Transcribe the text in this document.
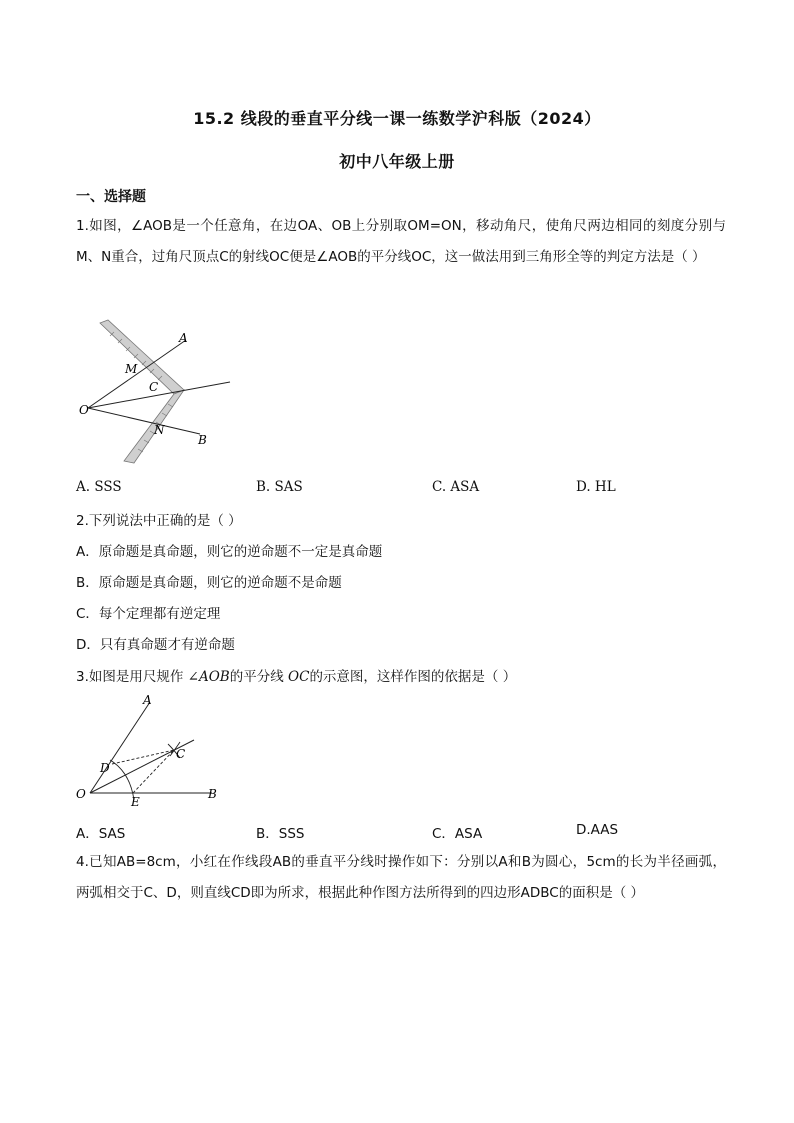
15.2 线段的垂直平分线一课一练数学沪科版（2024）
初中八年级上册
一、选择题
1.如图，∠AOB是一个任意角，在边OA、OB上分别取OM=ON，移动角尺，使角尺两边相同的刻度分别与M、N重合，过角尺顶点C的射线OC便是∠AOB的平分线OC，这一做法用到三角形全等的判定方法是（ ）
A
M
C
O
N
B
A. SSS	B. SAS	C. ASA	D. HL
2.下列说法中正确的是（ ）
A．原命题是真命题，则它的逆命题不一定是真命题
B．原命题是真命题，则它的逆命题不是命题
C．每个定理都有逆定理
D．只有真命题才有逆命题
3.如图是用尺规作 ∠AOB的平分线 OC的示意图，这样作图的依据是（ ）
A
D
C
O
E
B
A．SAS	B．SSS	C．ASA	D.AAS
4.已知AB=8cm，小红在作线段AB的垂直平分线时操作如下：分别以A和B为圆心，5cm的长为半径画弧，两弧相交于C、D，则直线CD即为所求，根据此种作图方法所得到的四边形ADBC的面积是（ ）
